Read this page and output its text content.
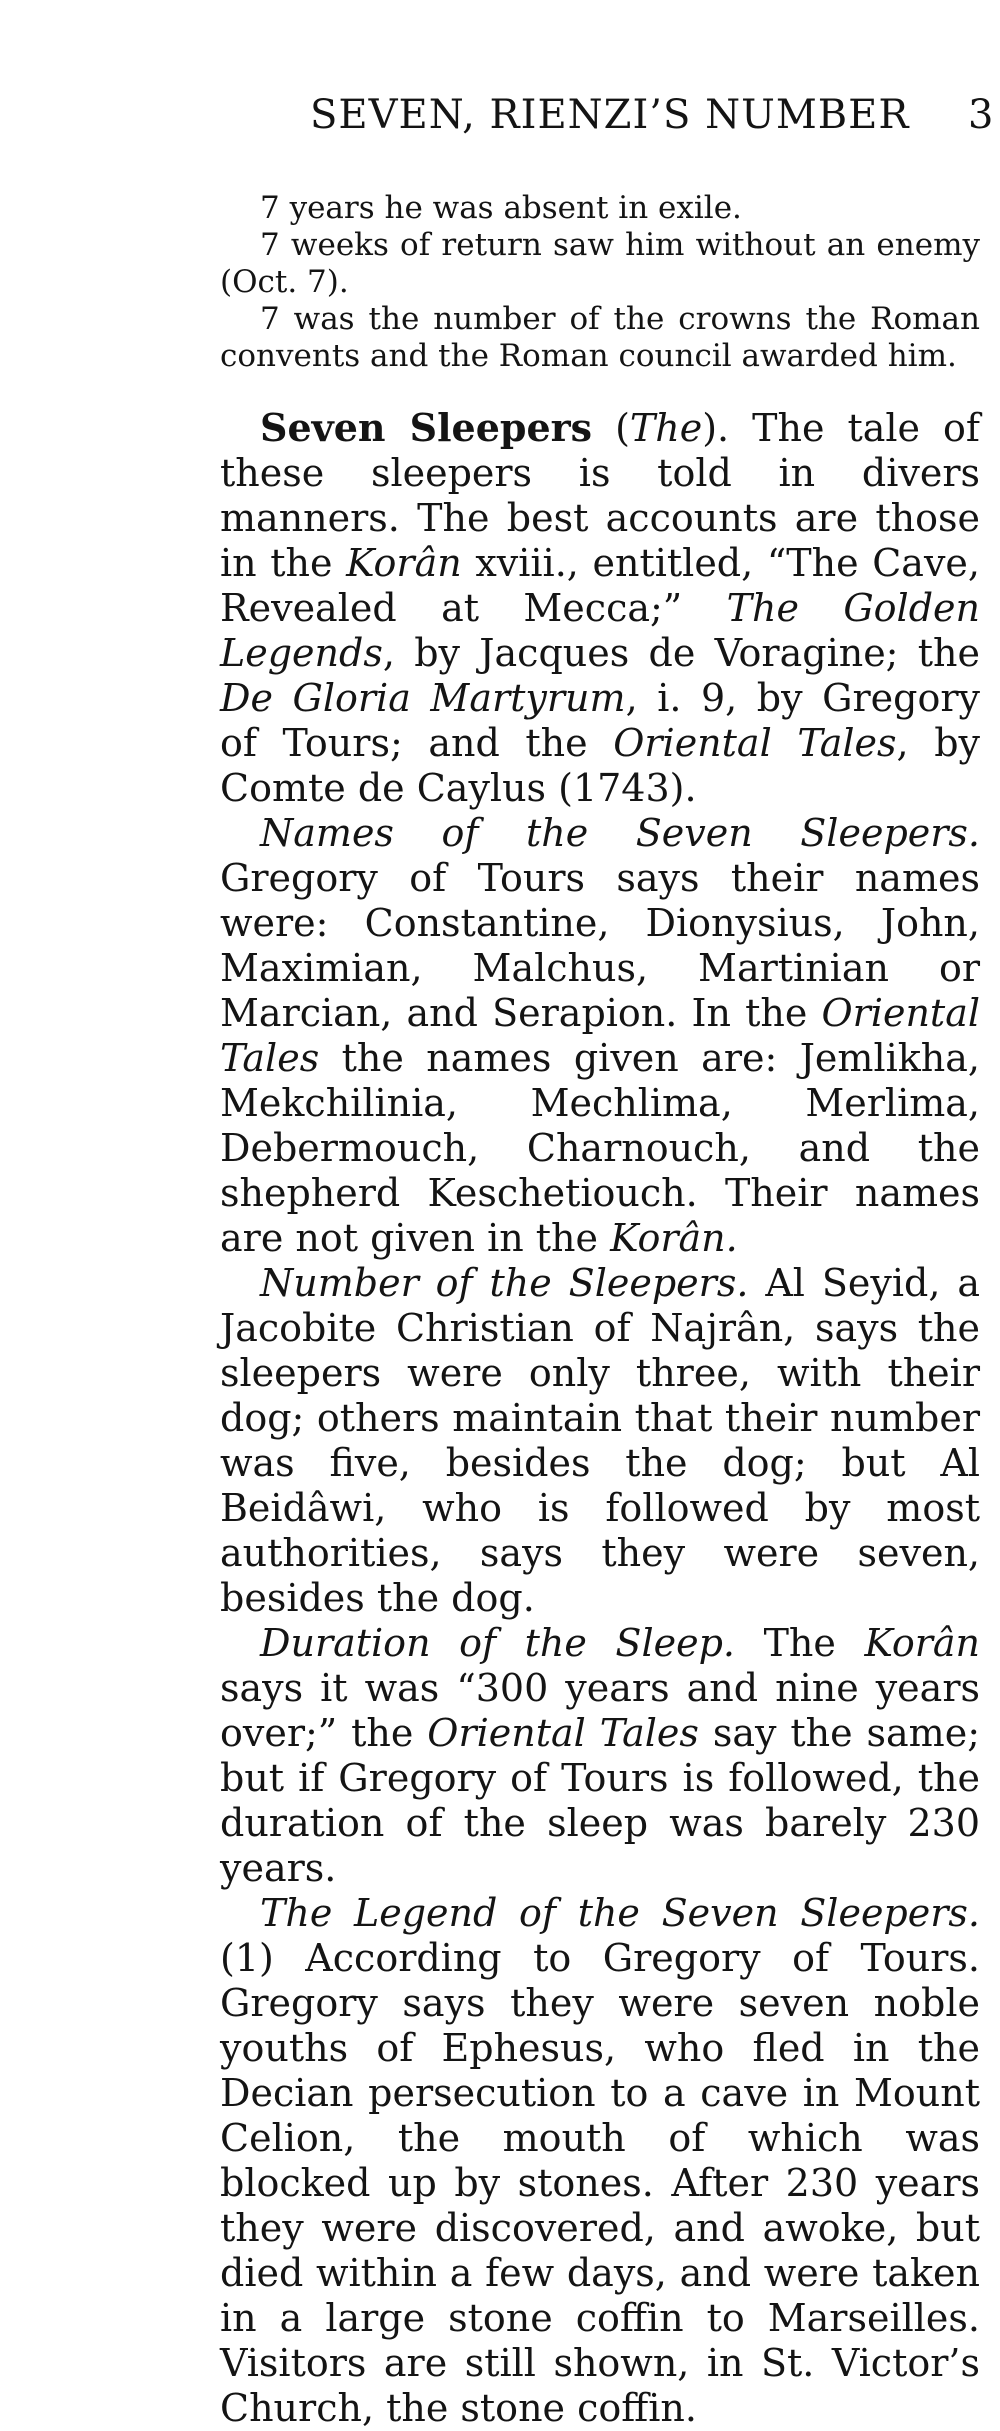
SEVEN, RIENZI’S NUMBER 3

7 years he was absent in exile.

7 weeks of return saw him without an enemy (Oct. 7).

7 was the number of the crowns the Roman convents and the Roman council awarded him.

Seven Sleepers (The). The tale of these sleepers is told in divers manners. The best accounts are those in the Korân xviii., entitled, “The Cave, Revealed at Mecca;” The Golden Legends, by Jacques de Voragine; the De Gloria Martyrum, i. 9, by Gregory of Tours; and the Oriental Tales, by Comte de Caylus (1743).

Names of the Seven Sleepers. Gregory of Tours says their names were: Constantine, Dionysius, John, Maximian, Malchus, Martinian or Marcian, and Serapion. In the Oriental Tales the names given are: Jemlikha, Mekchilinia, Mechlima, Merlima, Debermouch, Charnouch, and the shepherd Keschetiouch. Their names are not given in the Korân.

Number of the Sleepers. Al Seyid, a Jacobite Christian of Najrân, says the sleepers were only three, with their dog; others maintain that their number was five, besides the dog; but Al Beidâwi, who is followed by most authorities, says they were seven, besides the dog.

Duration of the Sleep. The Korân says it was “300 years and nine years over;” the Oriental Tales say the same; but if Gregory of Tours is followed, the duration of the sleep was barely 230 years.

The Legend of the Seven Sleepers. (1) According to Gregory of Tours. Gregory says they were seven noble youths of Ephesus, who fled in the Decian persecution to a cave in Mount Celion, the mouth of which was blocked up by stones. After 230 years they were discovered, and awoke, but died within a few days, and were taken in a large stone coffin to Marseilles. Visitors are still shown, in St. Victor’s Church, the stone coffin.
